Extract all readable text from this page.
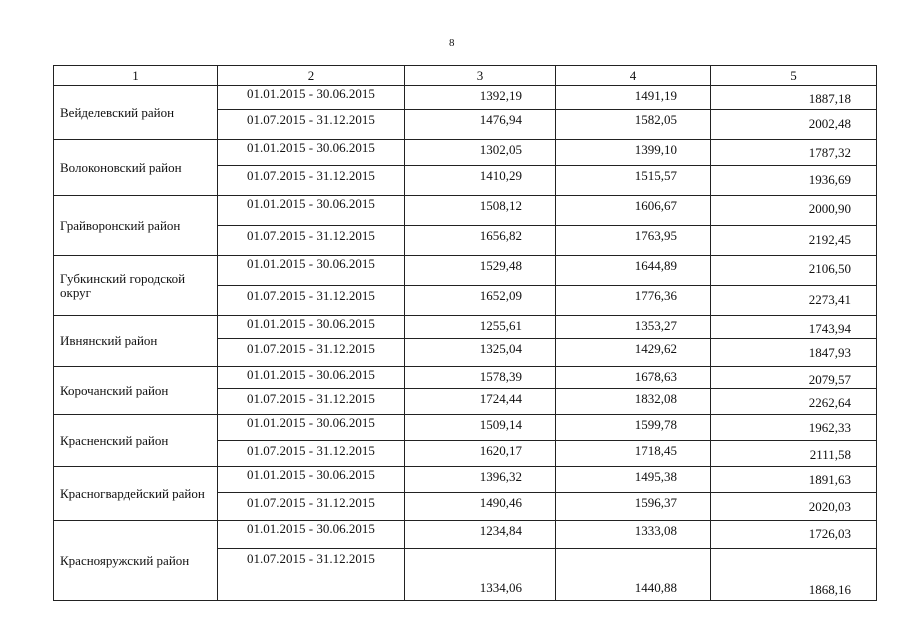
8
1	2	3	4	5
Вейделевский район	01.01.2015 - 30.06.2015	1392,19	1491,19	1887,18
	01.07.2015 - 31.12.2015	1476,94	1582,05	2002,48
Волоконовский район	01.01.2015 - 30.06.2015	1302,05	1399,10	1787,32
	01.07.2015 - 31.12.2015	1410,29	1515,57	1936,69
Грайворонский район	01.01.2015 - 30.06.2015	1508,12	1606,67	2000,90
	01.07.2015 - 31.12.2015	1656,82	1763,95	2192,45
Губкинский городской округ	01.01.2015 - 30.06.2015	1529,48	1644,89	2106,50
	01.07.2015 - 31.12.2015	1652,09	1776,36	2273,41
Ивнянский район	01.01.2015 - 30.06.2015	1255,61	1353,27	1743,94
	01.07.2015 - 31.12.2015	1325,04	1429,62	1847,93
Корочанский район	01.01.2015 - 30.06.2015	1578,39	1678,63	2079,57
	01.07.2015 - 31.12.2015	1724,44	1832,08	2262,64
Красненский район	01.01.2015 - 30.06.2015	1509,14	1599,78	1962,33
	01.07.2015 - 31.12.2015	1620,17	1718,45	2111,58
Красногвардейский район	01.01.2015 - 30.06.2015	1396,32	1495,38	1891,63
	01.07.2015 - 31.12.2015	1490,46	1596,37	2020,03
Краснояружский район	01.01.2015 - 30.06.2015	1234,84	1333,08	1726,03
	01.07.2015 - 31.12.2015	1334,06	1440,88	1868,16
